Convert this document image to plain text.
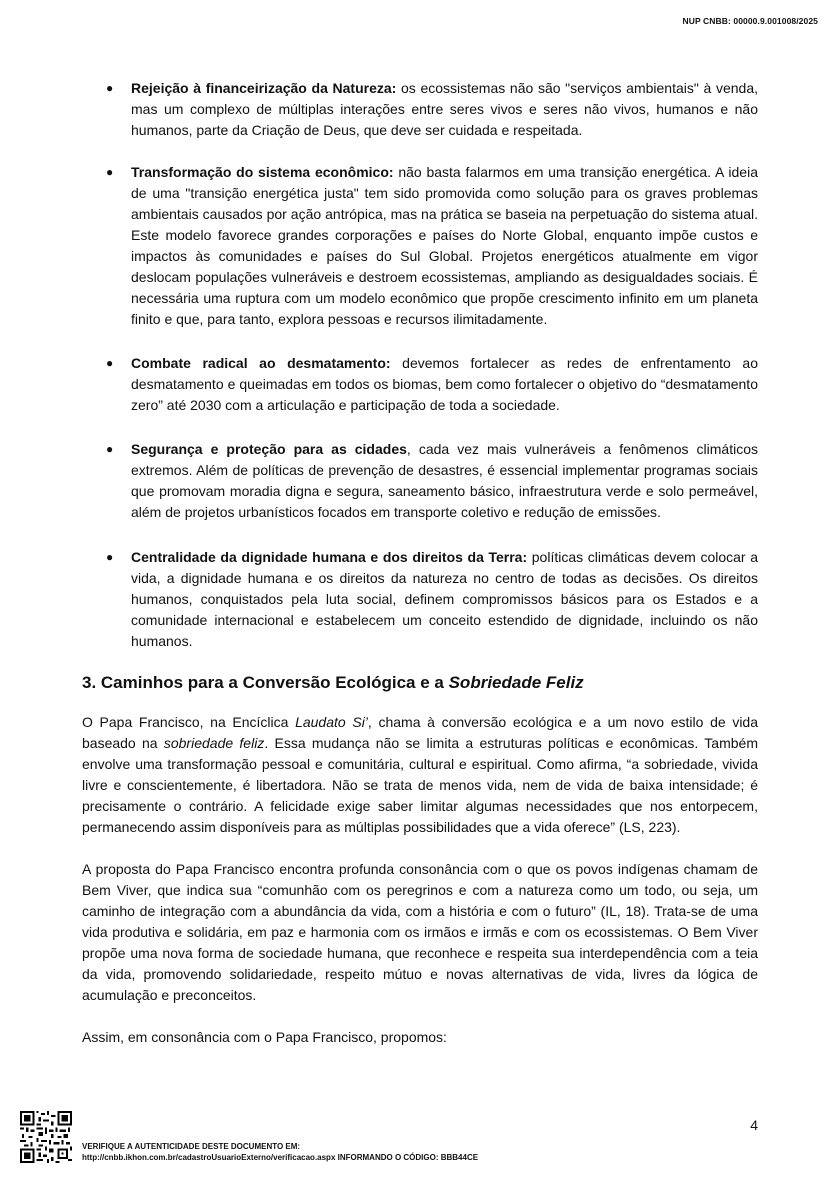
NUP CNBB: 00000.9.001008/2025
● Rejeição à financeirização da Natureza: os ecossistemas não são "serviços ambientais" à venda, mas um complexo de múltiplas interações entre seres vivos e seres não vivos, humanos e não humanos, parte da Criação de Deus, que deve ser cuidada e respeitada.
● Transformação do sistema econômico: não basta falarmos em uma transição energética. A ideia de uma "transição energética justa" tem sido promovida como solução para os graves problemas ambientais causados por ação antrópica, mas na prática se baseia na perpetuação do sistema atual. Este modelo favorece grandes corporações e países do Norte Global, enquanto impõe custos e impactos às comunidades e países do Sul Global. Projetos energéticos atualmente em vigor deslocam populações vulneráveis e destroem ecossistemas, ampliando as desigualdades sociais. É necessária uma ruptura com um modelo econômico que propõe crescimento infinito em um planeta finito e que, para tanto, explora pessoas e recursos ilimitadamente.
● Combate radical ao desmatamento: devemos fortalecer as redes de enfrentamento ao desmatamento e queimadas em todos os biomas, bem como fortalecer o objetivo do “desmatamento zero” até 2030 com a articulação e participação de toda a sociedade.
● Segurança e proteção para as cidades, cada vez mais vulneráveis a fenômenos climáticos extremos. Além de políticas de prevenção de desastres, é essencial implementar programas sociais que promovam moradia digna e segura, saneamento básico, infraestrutura verde e solo permeável, além de projetos urbanísticos focados em transporte coletivo e redução de emissões.
● Centralidade da dignidade humana e dos direitos da Terra: políticas climáticas devem colocar a vida, a dignidade humana e os direitos da natureza no centro de todas as decisões. Os direitos humanos, conquistados pela luta social, definem compromissos básicos para os Estados e a comunidade internacional e estabelecem um conceito estendido de dignidade, incluindo os não humanos.
3. Caminhos para a Conversão Ecológica e a Sobriedade Feliz
O Papa Francisco, na Encíclica Laudato Si’, chama à conversão ecológica e a um novo estilo de vida baseado na sobriedade feliz. Essa mudança não se limita a estruturas políticas e econômicas. Também envolve uma transformação pessoal e comunitária, cultural e espiritual. Como afirma, “a sobriedade, vivida livre e conscientemente, é libertadora. Não se trata de menos vida, nem de vida de baixa intensidade; é precisamente o contrário. A felicidade exige saber limitar algumas necessidades que nos entorpecem, permanecendo assim disponíveis para as múltiplas possibilidades que a vida oferece” (LS, 223).
A proposta do Papa Francisco encontra profunda consonância com o que os povos indígenas chamam de Bem Viver, que indica sua “comunhão com os peregrinos e com a natureza como um todo, ou seja, um caminho de integração com a abundância da vida, com a história e com o futuro” (IL, 18). Trata-se de uma vida produtiva e solidária, em paz e harmonia com os irmãos e irmãs e com os ecossistemas. O Bem Viver propõe uma nova forma de sociedade humana, que reconhece e respeita sua interdependência com a teia da vida, promovendo solidariedade, respeito mútuo e novas alternativas de vida, livres da lógica de acumulação e preconceitos.
Assim, em consonância com o Papa Francisco, propomos:
4
VERIFIQUE A AUTENTICIDADE DESTE DOCUMENTO EM:
http://cnbb.ikhon.com.br/cadastroUsuarioExterno/verificacao.aspx INFORMANDO O CÓDIGO: BBB44CE
